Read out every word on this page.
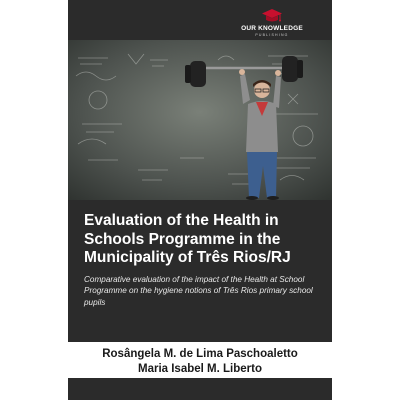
OUR KNOWLEDGE
PUBLISHING
Evaluation of the Health in Schools Programme in the Municipality of Três Rios/RJ

Comparative evaluation of the impact of the Health at School Programme on the hygiene notions of Três Rios primary school pupils

Rosângela M. de Lima Paschoaletto
Maria Isabel M. Liberto
